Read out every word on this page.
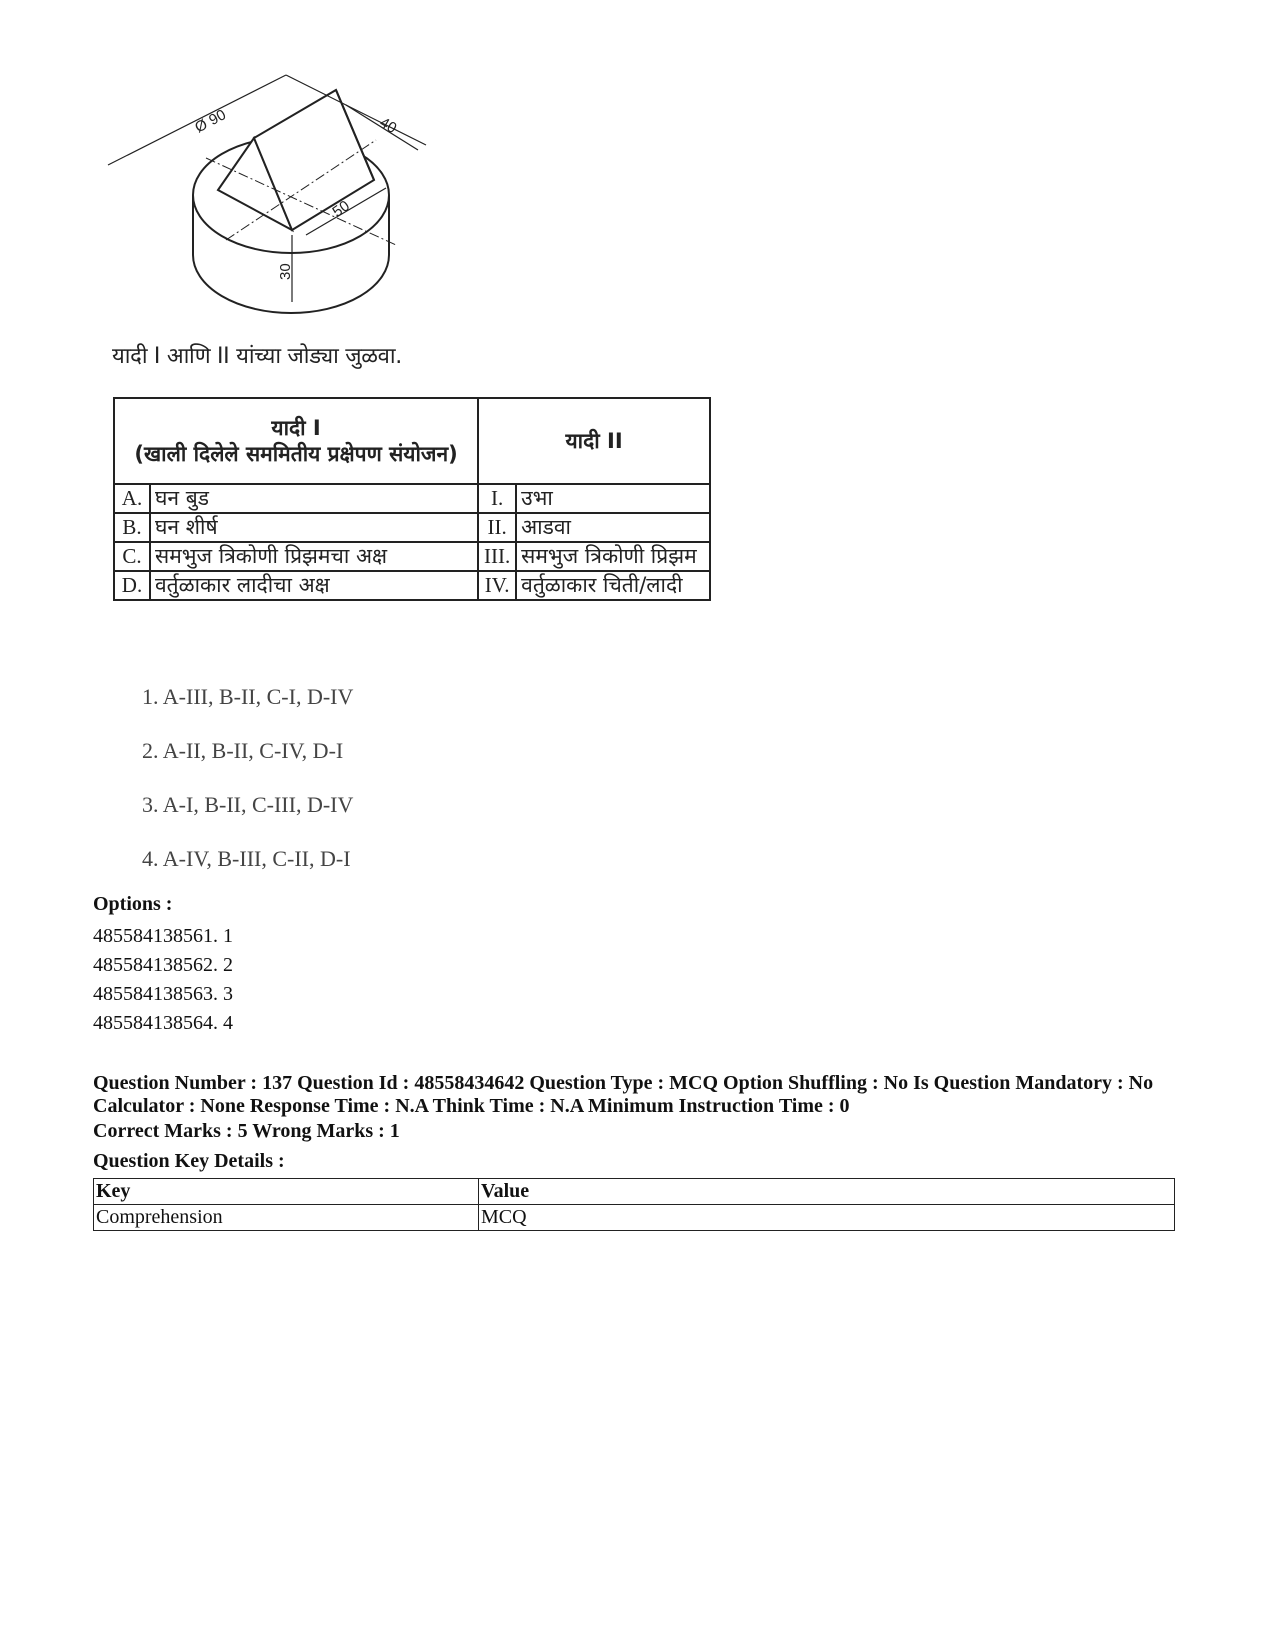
Ø 90	40
50
30
यादी I आणि II यांच्या जोड्या जुळवा.
यादी I
(खाली दिलेले सममितीय प्रक्षेपण संयोजन)		यादी II	
A.	घन बुड	I.	उभा
B.	घन शीर्ष	II.	आडवा
C.	समभुज त्रिकोणी प्रिझमचा अक्ष	III.	समभुज त्रिकोणी प्रिझम
D.	वर्तुळाकार लादीचा अक्ष	IV.	वर्तुळाकार चिती/लादी
1. A-III, B-II, C-I, D-IV
2. A-II, B-II, C-IV, D-I
3. A-I, B-II, C-III, D-IV
4. A-IV, B-III, C-II, D-I
Options :
485584138561. 1
485584138562. 2
485584138563. 3
485584138564. 4
Question Number : 137 Question Id : 48558434642 Question Type : MCQ Option Shuffling : No Is Question Mandatory : No Calculator : None Response Time : N.A Think Time : N.A Minimum Instruction Time : 0
Correct Marks : 5 Wrong Marks : 1
Question Key Details :
Key	Value
Comprehension	MCQ
